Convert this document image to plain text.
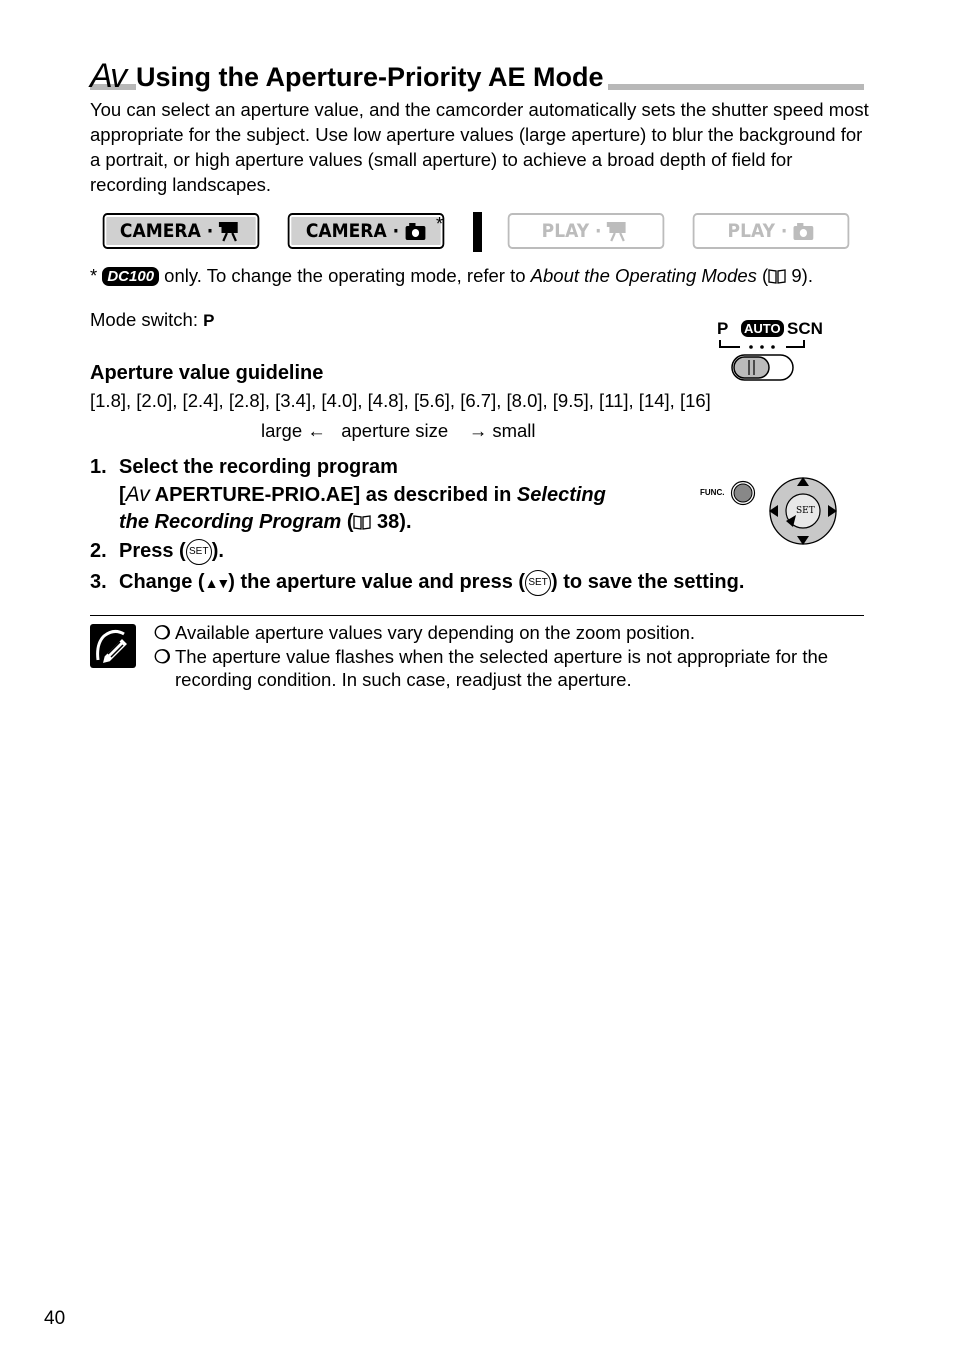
Av Using the Aperture-Priority AE Mode
You can select an aperture value, and the camcorder automatically sets the shutter speed most appropriate for the subject. Use low aperture values (large aperture) to blur the background for a portrait, or high aperture values (small aperture) to achieve a broad depth of field for recording landscapes.
CAMERA ·	CAMERA · *	PLAY ·	PLAY ·
* DC100 only. To change the operating mode, refer to About the Operating Modes ( 9).
Mode switch: P	P AUTO SCN
Aperture value guideline
[1.8], [2.0], [2.4], [2.8], [3.4], [4.0], [4.8], [5.6], [6.7], [8.0], [9.5], [11], [14], [16]
large ← aperture size → small
1. Select the recording program
[Av APERTURE-PRIO.AE] as described in Selecting
the Recording Program ( 38).
FUNC.
SET
2. Press ( SET ).
3. Change (▲▼) the aperture value and press ( SET ) to save the setting.
❍ Available aperture values vary depending on the zoom position.
❍ The aperture value flashes when the selected aperture is not appropriate for the recording condition. In such case, readjust the aperture.
40
